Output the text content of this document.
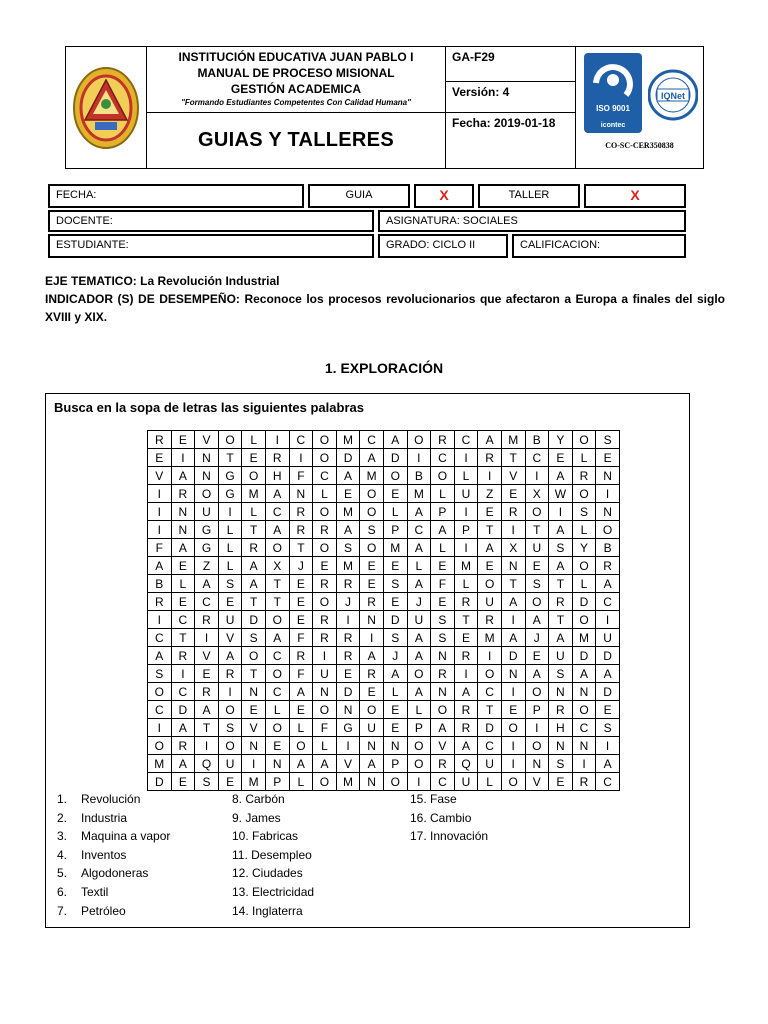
INSTITUCIÓN EDUCATIVA JUAN PABLO I
MANUAL DE PROCESO MISIONAL
GESTIÓN ACADEMICA
"Formando Estudiantes Competentes Con Calidad Humana"
GUIAS Y TALLERES
GA-F29
Versión: 4
Fecha: 2019-01-18
ISO 9001
icontec
IQNet
CO-SC-CER350838
FECHA:	GUIA	X	TALLER	X
DOCENTE:	ASIGNATURA: SOCIALES
ESTUDIANTE:	GRADO: CICLO II	CALIFICACION:

EJE TEMATICO: La Revolución Industrial

INDICADOR (S) DE DESEMPEÑO: Reconoce los procesos revolucionarios que afectaron a Europa a finales del siglo XVIII y XIX.

1. EXPLORACIÓN
Busca en la sopa de letras las siguientes palabras
R	E	V	O	L	I	C	O	M	C	A	O	R	C	A	M	B	Y	O	S
E	I	N	T	E	R	I	O	D	A	D	I	C	I	R	T	C	E	L	E
V	A	N	G	O	H	F	C	A	M	O	B	O	L	I	V	I	A	R	N
I	R	O	G	M	A	N	L	E	O	E	M	L	U	Z	E	X	W	O	I
I	N	U	I	L	C	R	O	M	O	L	A	P	I	E	R	O	I	S	N
I	N	G	L	T	A	R	R	A	S	P	C	A	P	T	I	T	A	L	O
F	A	G	L	R	O	T	O	S	O	M	A	L	I	A	X	U	S	Y	B
A	E	Z	L	A	X	J	E	M	E	E	L	E	M	E	N	E	A	O	R
B	L	A	S	A	T	E	R	R	E	S	A	F	L	O	T	S	T	L	A
R	E	C	E	T	T	E	O	J	R	E	J	E	R	U	A	O	R	D	C
I	C	R	U	D	O	E	R	I	N	D	U	S	T	R	I	A	T	O	I
C	T	I	V	S	A	F	R	R	I	S	A	S	E	M	A	J	A	M	U
A	R	V	A	O	C	R	I	R	A	J	A	N	R	I	D	E	U	D	D
S	I	E	R	T	O	F	U	E	R	A	O	R	I	O	N	A	S	A	A
O	C	R	I	N	C	A	N	D	E	L	A	N	A	C	I	O	N	N	D
C	D	A	O	E	L	E	O	N	O	E	L	O	R	T	E	P	R	O	E
I	A	T	S	V	O	L	F	G	U	E	P	A	R	D	O	I	H	C	S
O	R	I	O	N	E	O	L	I	N	N	O	V	A	C	I	O	N	N	I
M	A	Q	U	I	N	A	A	V	A	P	O	R	Q	U	I	N	S	I	A
D	E	S	E	M	P	L	O	M	N	O	I	C	U	L	O	V	E	R	C
1.	Revolución
2.	Industria
3.	Maquina a vapor
4.	Inventos
5.	Algodoneras
6.	Textil
7.	Petróleo
8. Carbón
9. James
10. Fabricas
11. Desempleo
12. Ciudades
13. Electricidad
14. Inglaterra
15. Fase
16. Cambio
17. Innovación
